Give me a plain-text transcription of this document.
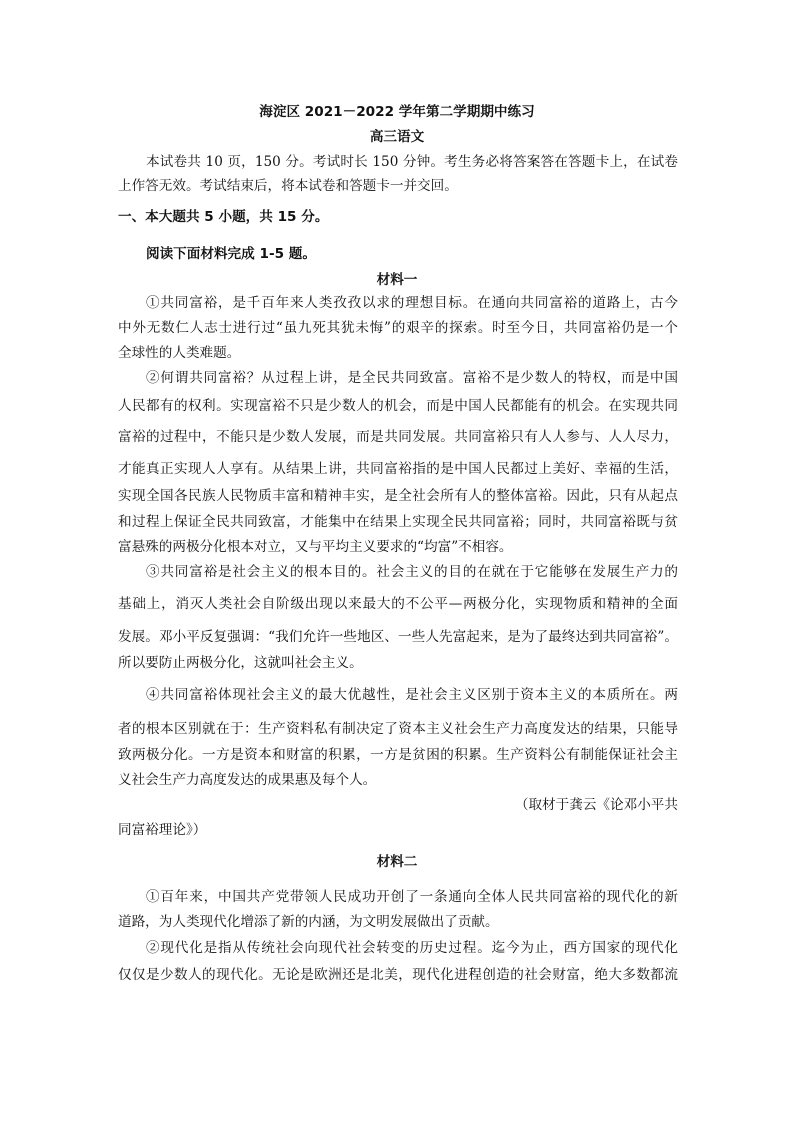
海淀区 2021－2022 学年第二学期期中练习
高三语文
本试卷共 10 页，150 分。考试时长 150 分钟。考生务必将答案答在答题卡上，在试卷
上作答无效。考试结束后，将本试卷和答题卡一并交回。
一、本大题共 5 小题，共 15 分。
阅读下面材料完成 1-5 题。
材料一
①共同富裕，是千百年来人类孜孜以求的理想目标。在通向共同富裕的道路上，古今
中外无数仁人志士进行过“虽九死其犹未悔”的艰辛的探索。时至今日，共同富裕仍是一个
全球性的人类难题。
②何谓共同富裕？从过程上讲，是全民共同致富。富裕不是少数人的特权，而是中国
人民都有的权利。实现富裕不只是少数人的机会，而是中国人民都能有的机会。在实现共同
富裕的过程中，不能只是少数人发展，而是共同发展。共同富裕只有人人参与、人人尽力，
才能真正实现人人享有。从结果上讲，共同富裕指的是中国人民都过上美好、幸福的生活，
实现全国各民族人民物质丰富和精神丰实，是全社会所有人的整体富裕。因此，只有从起点
和过程上保证全民共同致富，才能集中在结果上实现全民共同富裕；同时，共同富裕既与贫
富悬殊的两极分化根本对立，又与平均主义要求的“均富”不相容。
③共同富裕是社会主义的根本目的。社会主义的目的在就在于它能够在发展生产力的
基础上，消灭人类社会自阶级出现以来最大的不公平—两极分化，实现物质和精神的全面
发展。邓小平反复强调：“我们允许一些地区、一些人先富起来，是为了最终达到共同富裕”。
所以要防止两极分化，这就叫社会主义。
④共同富裕体现社会主义的最大优越性，是社会主义区别于资本主义的本质所在。两
者的根本区别就在于：生产资料私有制决定了资本主义社会生产力高度发达的结果，只能导
致两极分化。一方是资本和财富的积累，一方是贫困的积累。生产资料公有制能保证社会主
义社会生产力高度发达的成果惠及每个人。
（取材于龚云《论邓小平共
同富裕理论》）
材料二
①百年来，中国共产党带领人民成功开创了一条通向全体人民共同富裕的现代化的新
道路，为人类现代化增添了新的内涵，为文明发展做出了贡献。
②现代化是指从传统社会向现代社会转变的历史过程。迄今为止，西方国家的现代化
仅仅是少数人的现代化。无论是欧洲还是北美，现代化进程创造的社会财富，绝大多数都流
